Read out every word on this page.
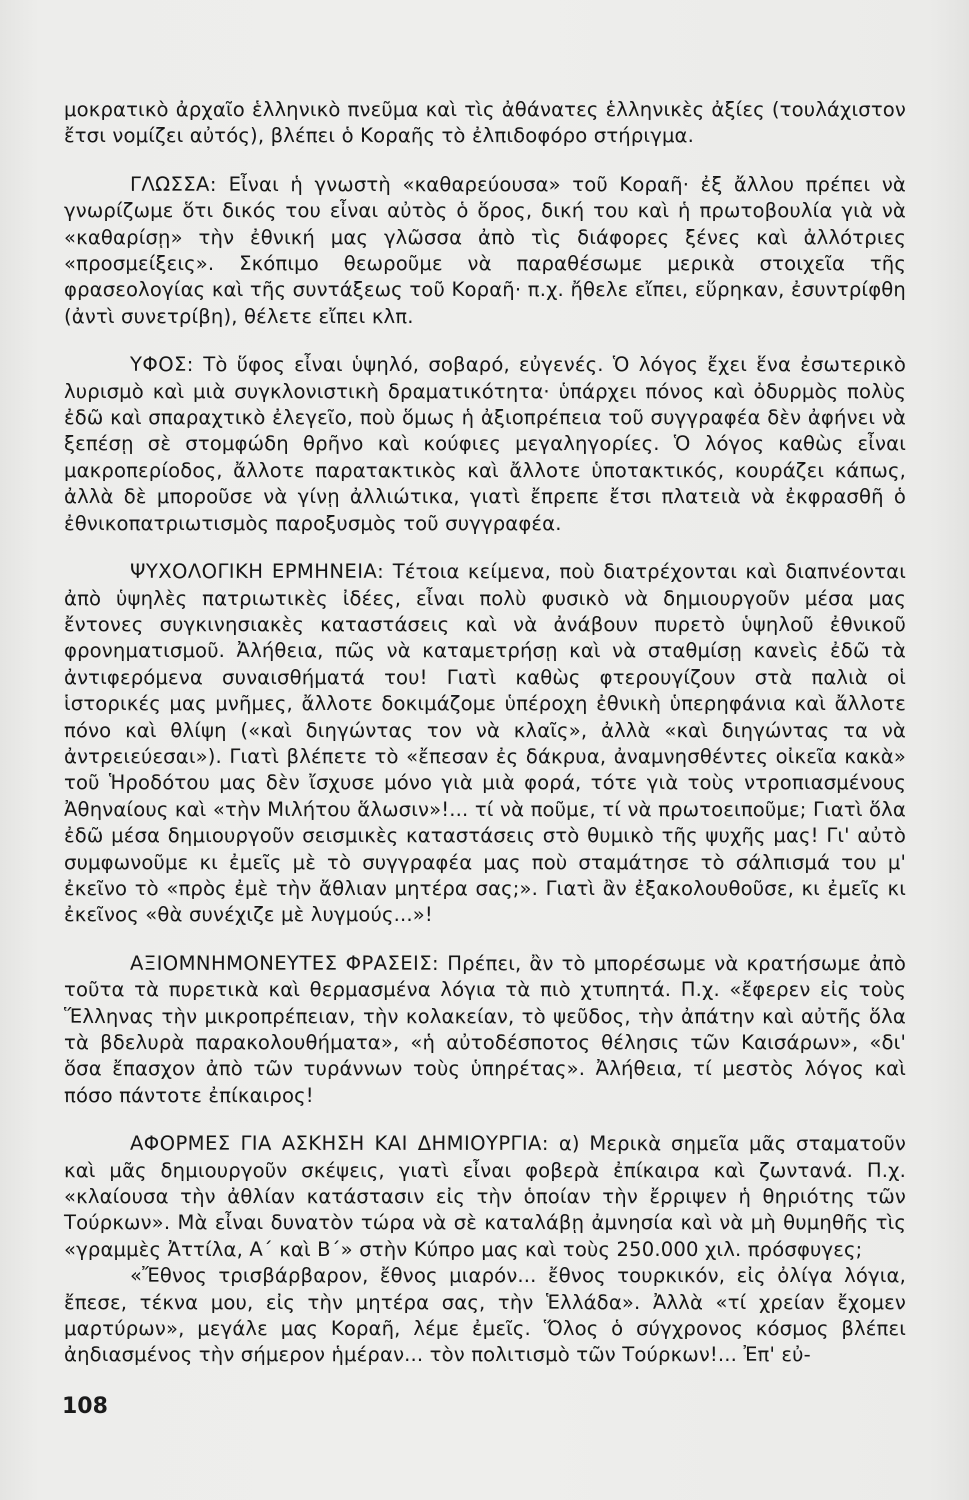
μοκρατικὸ ἀρχαῖο ἑλληνικὸ πνεῦμα καὶ τὶς ἀθάνατες ἑλληνικὲς ἀξίες (τουλάχιστον ἔτσι νομίζει αὐτός), βλέπει ὁ Κοραῆς τὸ ἐλπιδοφόρο στήριγμα.

ΓΛΩΣΣΑ: Εἶναι ἡ γνωστὴ «καθαρεύουσα» τοῦ Κοραῆ· ἐξ ἄλλου πρέπει νὰ γνωρίζωμε ὅτι δικός του εἶναι αὐτὸς ὁ ὅρος, δική του καὶ ἡ πρωτοβουλία γιὰ νὰ «καθαρίσῃ» τὴν ἐθνική μας γλῶσσα ἀπὸ τὶς διάφορες ξένες καὶ ἀλλότριες «προσμείξεις». Σκόπιμο θεωροῦμε νὰ παραθέσωμε μερικὰ στοιχεῖα τῆς φρασεολογίας καὶ τῆς συντάξεως τοῦ Κοραῆ· π.χ. ἤθελε εἴπει, εὕρηκαν, ἐσυντρίφθη (ἀντὶ συνετρίβη), θέλετε εἴπει κλπ.

ΥΦΟΣ: Τὸ ὕφος εἶναι ὑψηλό, σοβαρό, εὐγενές. Ὁ λόγος ἔχει ἕνα ἐσωτερικὸ λυρισμὸ καὶ μιὰ συγκλονιστικὴ δραματικότητα· ὑπάρχει πόνος καὶ ὀδυρμὸς πολὺς ἐδῶ καὶ σπαραχτικὸ ἐλεγεῖο, ποὺ ὅμως ἡ ἀξιοπρέπεια τοῦ συγγραφέα δὲν ἀφήνει νὰ ξεπέσῃ σὲ στομφώδη θρῆνο καὶ κούφιες μεγαληγορίες. Ὁ λόγος καθὼς εἶναι μακροπερίοδος, ἄλλοτε παρατακτικὸς καὶ ἄλλοτε ὑποτακτικός, κουράζει κάπως, ἀλλὰ δὲ μποροῦσε νὰ γίνῃ ἀλλιώτικα, γιατὶ ἔπρεπε ἔτσι πλατειὰ νὰ ἐκφρασθῆ ὁ ἐθνικοπατριωτισμὸς παροξυσμὸς τοῦ συγγραφέα.

ΨΥΧΟΛΟΓΙΚΗ ΕΡΜΗΝΕΙΑ: Τέτοια κείμενα, ποὺ διατρέχονται καὶ διαπνέονται ἀπὸ ὑψηλὲς πατριωτικὲς ἰδέες, εἶναι πολὺ φυσικὸ νὰ δημιουργοῦν μέσα μας ἔντονες συγκινησιακὲς καταστάσεις καὶ νὰ ἀνάβουν πυρετὸ ὑψηλοῦ ἐθνικοῦ φρονηματισμοῦ. Ἀλήθεια, πῶς νὰ καταμετρήσῃ καὶ νὰ σταθμίσῃ κανεὶς ἐδῶ τὰ ἀντιφερόμενα συναισθήματά του! Γιατὶ καθὼς φτερουγίζουν στὰ παλιὰ οἱ ἱστορικές μας μνῆμες, ἄλλοτε δοκιμάζομε ὑπέροχη ἐθνικὴ ὑπερηφάνια καὶ ἄλλοτε πόνο καὶ θλίψη («καὶ διηγώντας τον νὰ κλαῖς», ἀλλὰ «καὶ διηγώντας τα νὰ ἀντρειεύεσαι»). Γιατὶ βλέπετε τὸ «ἔπεσαν ἐς δάκρυα, ἀναμνησθέντες οἰκεῖα κακὰ» τοῦ Ἡροδότου μας δὲν ἴσχυσε μόνο γιὰ μιὰ φορά, τότε γιὰ τοὺς ντροπιασμένους Ἀθηναίους καὶ «τὴν Μιλήτου ἅλωσιν»!... τί νὰ ποῦμε, τί νὰ πρωτοειποῦμε; Γιατὶ ὅλα ἐδῶ μέσα δημιουργοῦν σεισμικὲς καταστάσεις στὸ θυμικὸ τῆς ψυχῆς μας! Γι' αὐτὸ συμφωνοῦμε κι ἐμεῖς μὲ τὸ συγγραφέα μας ποὺ σταμάτησε τὸ σάλπισμά του μ' ἐκεῖνο τὸ «πρὸς ἐμὲ τὴν ἄθλιαν μητέρα σας;». Γιατὶ ἂν ἐξακολουθοῦσε, κι ἐμεῖς κι ἐκεῖνος «θὰ συνέχιζε μὲ λυγμούς...»!

ΑΞΙΟΜΝΗΜΟΝΕΥΤΕΣ ΦΡΑΣΕΙΣ: Πρέπει, ἂν τὸ μπορέσωμε νὰ κρατήσωμε ἀπὸ τοῦτα τὰ πυρετικὰ καὶ θερμασμένα λόγια τὰ πιὸ χτυπητά. Π.χ. «ἔφερεν εἰς τοὺς Ἕλληνας τὴν μικροπρέπειαν, τὴν κολακείαν, τὸ ψεῦδος, τὴν ἀπάτην καὶ αὐτῆς ὅλα τὰ βδελυρὰ παρακολουθήματα», «ἡ αὐτοδέσποτος θέλησις τῶν Καισάρων», «δι' ὅσα ἔπασχον ἀπὸ τῶν τυράννων τοὺς ὑπηρέτας». Ἀλήθεια, τί μεστὸς λόγος καὶ πόσο πάντοτε ἐπίκαιρος!

ΑΦΟΡΜΕΣ ΓΙΑ ΑΣΚΗΣΗ ΚΑΙ ΔΗΜΙΟΥΡΓΙΑ: α) Μερικὰ σημεῖα μᾶς σταματοῦν καὶ μᾶς δημιουργοῦν σκέψεις, γιατὶ εἶναι φοβερὰ ἐπίκαιρα καὶ ζωντανά. Π.χ. «κλαίουσα τὴν ἀθλίαν κατάστασιν εἰς τὴν ὁποίαν τὴν ἔρριψεν ἡ θηριότης τῶν Τούρκων». Μὰ εἶναι δυνατὸν τώρα νὰ σὲ καταλάβῃ ἀμνησία καὶ νὰ μὴ θυμηθῆς τὶς «γραμμὲς Ἀττίλα, Α΄ καὶ Β΄» στὴν Κύπρο μας καὶ τοὺς 250.000 χιλ. πρόσφυγες;

«Ἔθνος τρισβάρβαρον, ἔθνος μιαρόν... ἔθνος τουρκικόν, εἰς ὀλίγα λόγια, ἔπεσε, τέκνα μου, εἰς τὴν μητέρα σας, τὴν Ἑλλάδα». Ἀλλὰ «τί χρείαν ἔχομεν μαρτύρων», μεγάλε μας Κοραῆ, λέμε ἐμεῖς. Ὅλος ὁ σύγχρονος κόσμος βλέπει ἀηδιασμένος τὴν σήμερον ἡμέραν... τὸν πολιτισμὸ τῶν Τούρκων!... Ἐπ' εὐ-

108
